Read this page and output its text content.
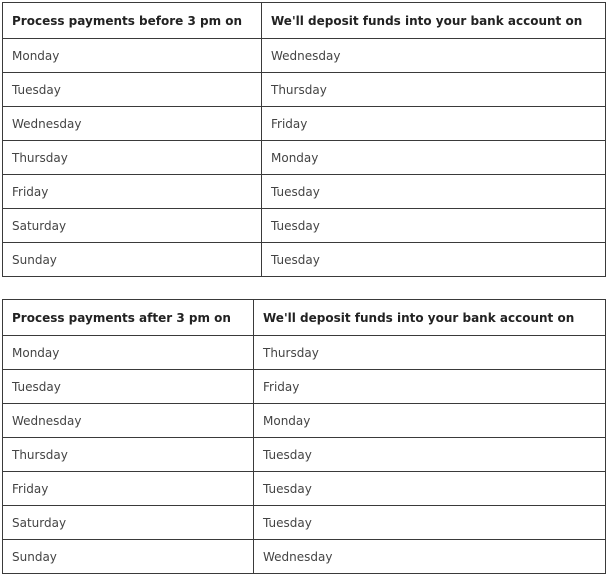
Process payments before 3 pm on	We'll deposit funds into your bank account on
Monday	Wednesday
Tuesday	Thursday
Wednesday	Friday
Thursday	Monday
Friday	Tuesday
Saturday	Tuesday
Sunday	Tuesday
Process payments after 3 pm on	We'll deposit funds into your bank account on
Monday	Thursday
Tuesday	Friday
Wednesday	Monday
Thursday	Tuesday
Friday	Tuesday
Saturday	Tuesday
Sunday	Wednesday
